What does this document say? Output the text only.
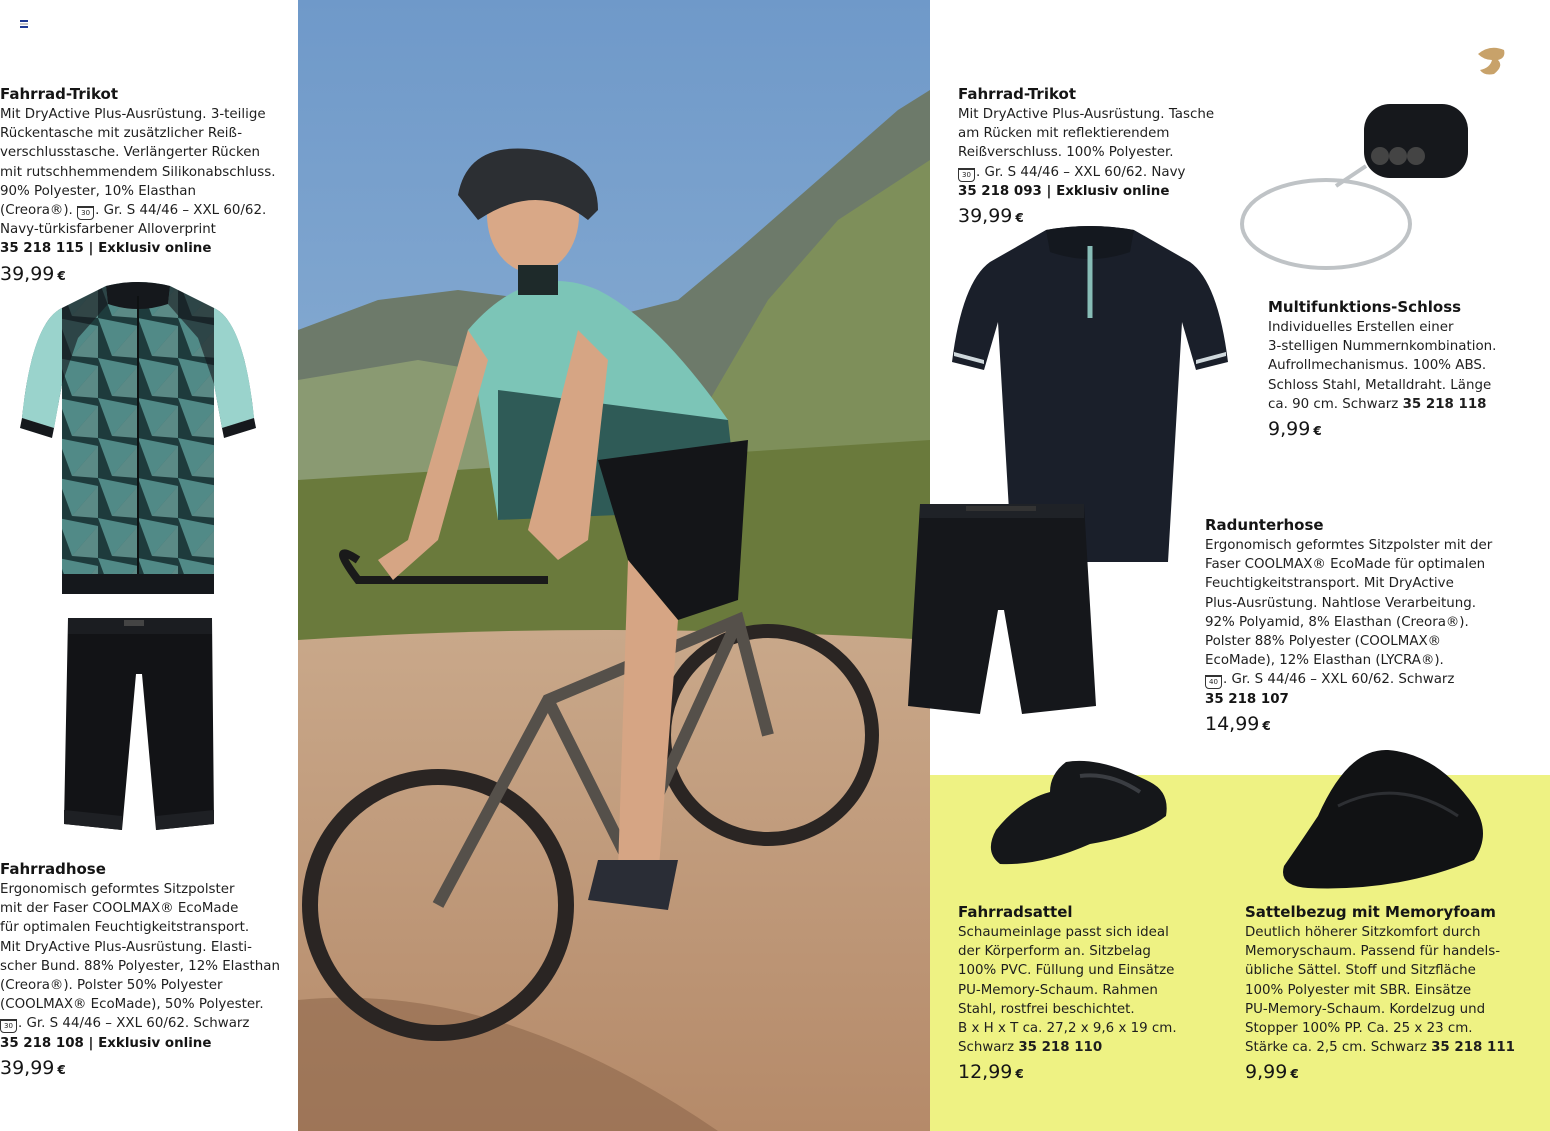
Fahrrad-Trikot

Mit DryActive Plus-Ausrüstung. 3-teilige
Rückentasche mit zusätzlicher Reiß-
verschlusstasche. Verlängerter Rücken
mit rutschhemmendem Silikonabschluss.
90% Polyester, 10% Elasthan
(Creora®). 30 . Gr. S 44/46 – XXL 60/62.
Navy-türkisfarbener Alloverprint

35 218 115 | Exklusiv online
39,99 €
Fahrradhose

Ergonomisch geformtes Sitzpolster
mit der Faser COOLMAX® EcoMade
für optimalen Feuchtigkeitstransport.
Mit DryActive Plus-Ausrüstung. Elasti-
scher Bund. 88% Polyester, 12% Elasthan
(Creora®). Polster 50% Polyester
(COOLMAX® EcoMade), 50% Polyester.
30 . Gr. S 44/46 – XXL 60/62. Schwarz

35 218 108 | Exklusiv online
39,99 €
Fahrrad-Trikot

Mit DryActive Plus-Ausrüstung. Tasche
am Rücken mit reflektierendem
Reißverschluss. 100% Polyester.
30 . Gr. S 44/46 – XXL 60/62. Navy

35 218 093 | Exklusiv online
39,99 €
Multifunktions-Schloss

Individuelles Erstellen einer
3-stelligen Nummernkombination.
Aufrollmechanismus. 100% ABS.
Schloss Stahl, Metalldraht. Länge
ca. 90 cm. Schwarz 35 218 118

9,99 €
Radunterhose

Ergonomisch geformtes Sitzpolster mit der
Faser COOLMAX® EcoMade für optimalen
Feuchtigkeitstransport. Mit DryActive
Plus-Ausrüstung. Nahtlose Verarbeitung.
92% Polyamid, 8% Elasthan (Creora®).
Polster 88% Polyester (COOLMAX®
EcoMade), 12% Elasthan (LYCRA®).
40 . Gr. S 44/46 – XXL 60/62. Schwarz

35 218 107
14,99 €
Fahrradsattel

Schaumeinlage passt sich ideal
der Körperform an. Sitzbelag
100% PVC. Füllung und Einsätze
PU-Memory-Schaum. Rahmen
Stahl, rostfrei beschichtet.
B x H x T ca. 27,2 x 9,6 x 19 cm.
Schwarz 35 218 110

12,99 €
Sattelbezug mit Memoryfoam

Deutlich höherer Sitzkomfort durch
Memoryschaum. Passend für handels-
übliche Sättel. Stoff und Sitzfläche
100% Polyester mit SBR. Einsätze
PU-Memory-Schaum. Kordelzug und
Stopper 100% PP. Ca. 25 x 23 cm.
Stärke ca. 2,5 cm. Schwarz 35 218 111

9,99 €
